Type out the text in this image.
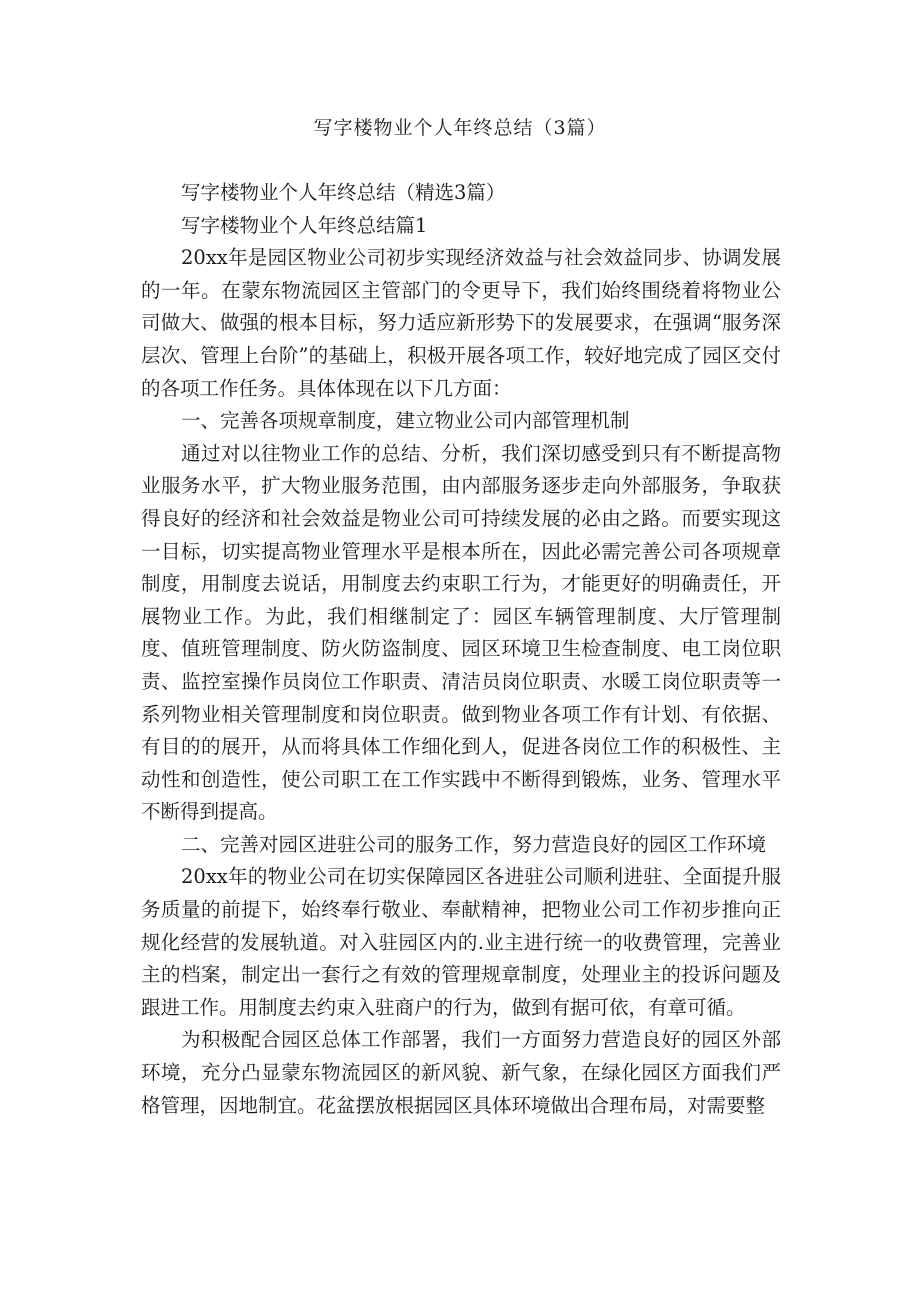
写字楼物业个人年终总结（3篇）

写字楼物业个人年终总结（精选3篇）

写字楼物业个人年终总结篇1

20xx年是园区物业公司初步实现经济效益与社会效益同步、协调发展的一年。在蒙东物流园区主管部门的令更导下，我们始终围绕着将物业公司做大、做强的根本目标，努力适应新形势下的发展要求，在强调“服务深层次、管理上台阶”的基础上，积极开展各项工作，较好地完成了园区交付的各项工作任务。具体体现在以下几方面：

一、完善各项规章制度，建立物业公司内部管理机制

通过对以往物业工作的总结、分析，我们深切感受到只有不断提高物业服务水平，扩大物业服务范围，由内部服务逐步走向外部服务，争取获得良好的经济和社会效益是物业公司可持续发展的必由之路。而要实现这一目标，切实提高物业管理水平是根本所在，因此必需完善公司各项规章制度，用制度去说话，用制度去约束职工行为，才能更好的明确责任，开展物业工作。为此，我们相继制定了：园区车辆管理制度、大厅管理制度、值班管理制度、防火防盗制度、园区环境卫生检查制度、电工岗位职责、监控室操作员岗位工作职责、清洁员岗位职责、水暖工岗位职责等一系列物业相关管理制度和岗位职责。做到物业各项工作有计划、有依据、有目的的展开，从而将具体工作细化到人，促进各岗位工作的积极性、主动性和创造性，使公司职工在工作实践中不断得到锻炼，业务、管理水平不断得到提高。

二、完善对园区进驻公司的服务工作，努力营造良好的园区工作环境

20xx年的物业公司在切实保障园区各进驻公司顺利进驻、全面提升服务质量的前提下，始终奉行敬业、奉献精神，把物业公司工作初步推向正规化经营的发展轨道。对入驻园区内的.业主进行统一的收费管理，完善业主的档案，制定出一套行之有效的管理规章制度，处理业主的投诉问题及跟进工作。用制度去约束入驻商户的行为，做到有据可依，有章可循。

为积极配合园区总体工作部署，我们一方面努力营造良好的园区外部环境，充分凸显蒙东物流园区的新风貌、新气象，在绿化园区方面我们严格管理，因地制宜。花盆摆放根据园区具体环境做出合理布局，对需要整
